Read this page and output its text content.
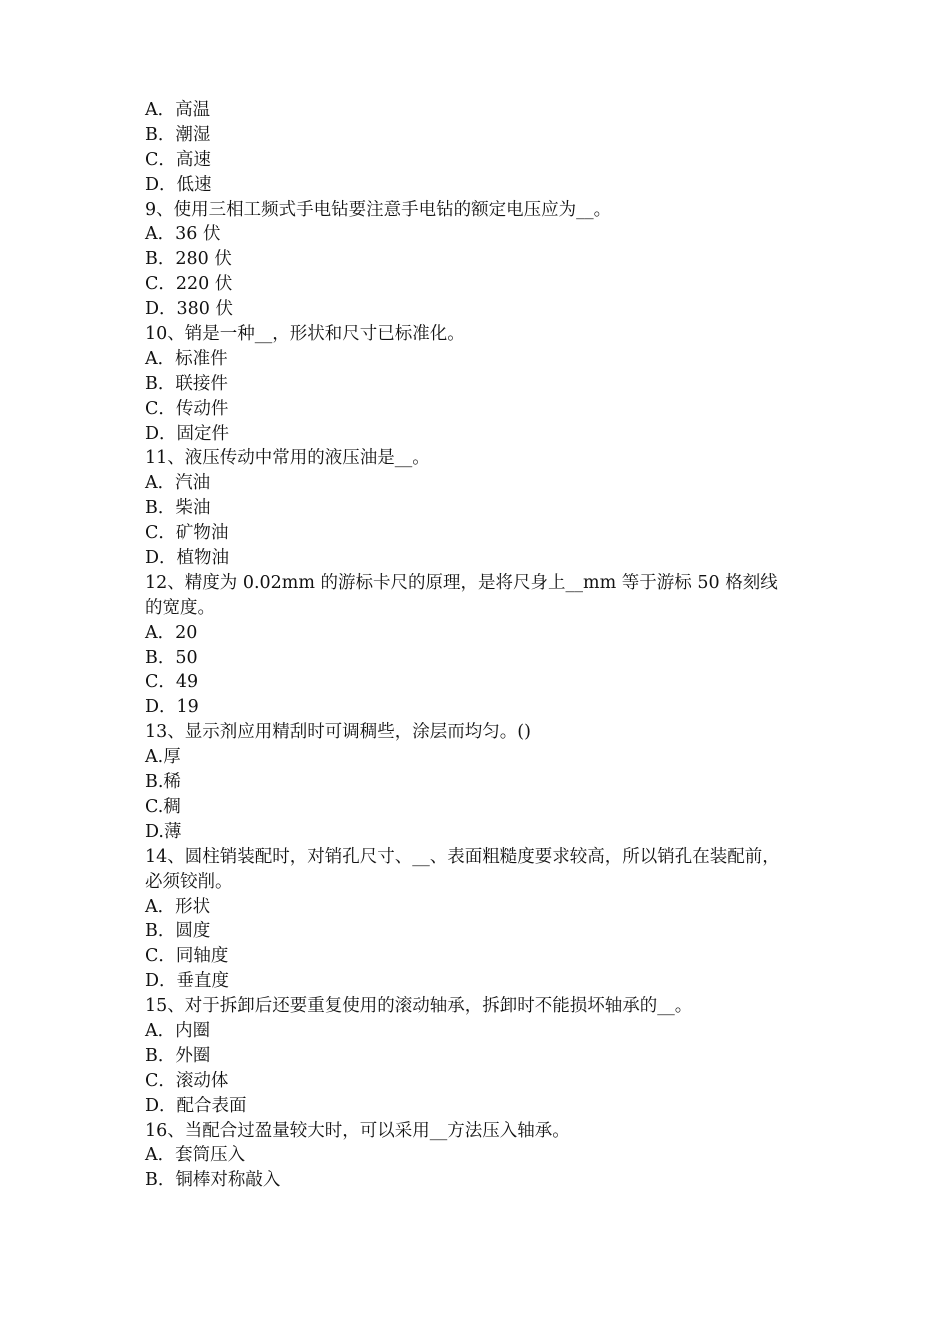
A．高温
B．潮湿
C．高速
D．低速
9、使用三相工频式手电钻要注意手电钻的额定电压应为__。
A．36 伏
B．280 伏
C．220 伏
D．380 伏
10、销是一种__，形状和尺寸已标准化。
A．标准件
B．联接件
C．传动件
D．固定件
11、液压传动中常用的液压油是__。
A．汽油
B．柴油
C．矿物油
D．植物油
12、精度为 0.02mm 的游标卡尺的原理，是将尺身上__mm 等于游标 50 格刻线
的宽度。
A．20
B．50
C．49
D．19
13、显示剂应用精刮时可调稠些，涂层而均匀。()
A.厚
B.稀
C.稠
D.薄
14、圆柱销装配时，对销孔尺寸、__、表面粗糙度要求较高，所以销孔在装配前，
必须铰削。
A．形状
B．圆度
C．同轴度
D．垂直度
15、对于拆卸后还要重复使用的滚动轴承，拆卸时不能损坏轴承的__。
A．内圈
B．外圈
C．滚动体
D．配合表面
16、当配合过盈量较大时，可以采用__方法压入轴承。
A．套筒压入
B．铜棒对称敲入
